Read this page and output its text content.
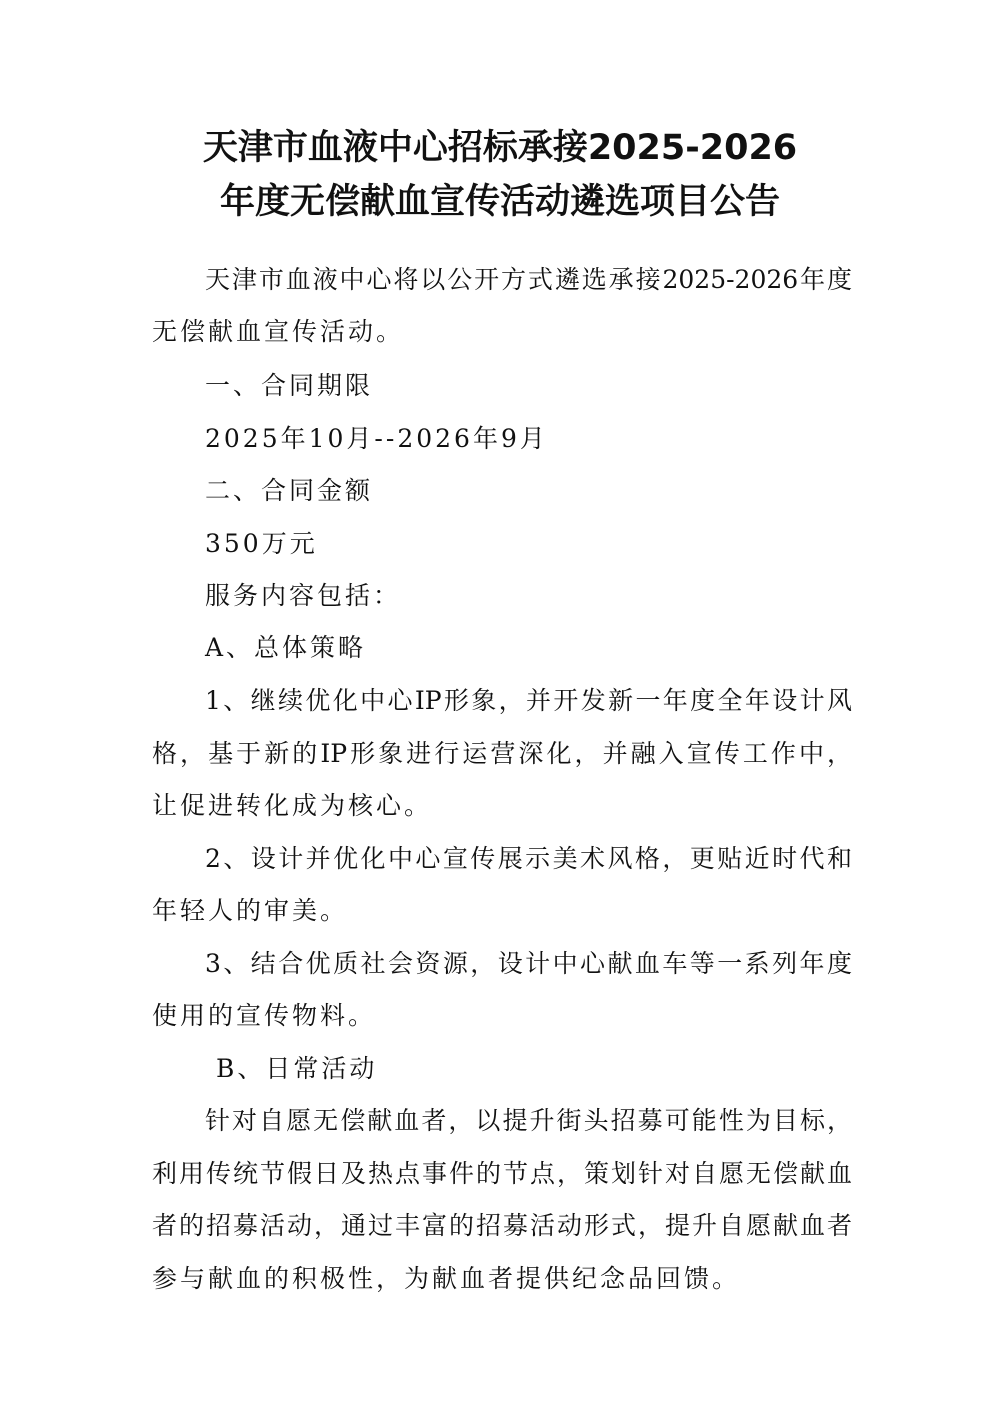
天津市血液中心招标承接2025-2026
年度无偿献血宣传活动遴选项目公告
天津市血液中心将以公开方式遴选承接2025-2026年度
无偿献血宣传活动。
一、合同期限
2025年10月--2026年9月
二、合同金额
350万元
服务内容包括：
A、总体策略
1、继续优化中心IP形象，并开发新一年度全年设计风
格，基于新的IP形象进行运营深化，并融入宣传工作中，
让促进转化成为核心。
2、设计并优化中心宣传展示美术风格，更贴近时代和
年轻人的审美。
3、结合优质社会资源，设计中心献血车等一系列年度
使用的宣传物料。
B、日常活动
针对自愿无偿献血者，以提升街头招募可能性为目标，
利用传统节假日及热点事件的节点，策划针对自愿无偿献血
者的招募活动，通过丰富的招募活动形式，提升自愿献血者
参与献血的积极性，为献血者提供纪念品回馈。
